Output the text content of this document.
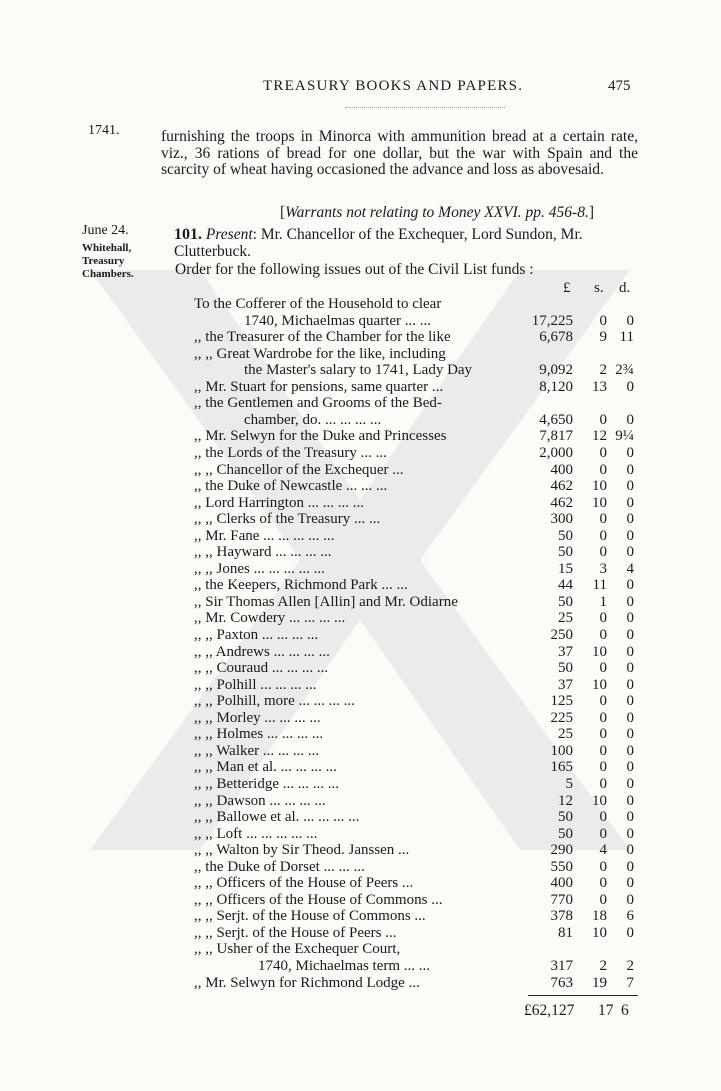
TREASURY BOOKS AND PAPERS.	475
1741.	furnishing the troops in Minorca with ammunition bread at a certain rate, viz., 36 rations of bread for one dollar, but the war with Spain and the scarcity of wheat having occasioned the advance and loss as abovesaid.
[Warrants not relating to Money XXVI. pp. 456-8.]
June 24.
Whitehall,
Treasury
Chambers.
101. Present: Mr. Chancellor of the Exchequer, Lord Sundon, Mr. Clutterbuck.
Order for the following issues out of the Civil List funds :
£ s. d.
To the Cofferer of the Household to clear
1740, Michaelmas quarter ... ...	17,225 0 0
,, the Treasurer of the Chamber for the like	6,678 9 11
,, ,, Great Wardrobe for the like, including
the Master's salary to 1741, Lady Day	9,092 2 2¾
,, Mr. Stuart for pensions, same quarter ...	8,120 13 0
,, the Gentlemen and Grooms of the Bed-
chamber, do. ... ... ... ...	4,650 0 0
,, Mr. Selwyn for the Duke and Princesses	7,817 12 9¼
,, the Lords of the Treasury ... ...	2,000 0 0
,, ,, Chancellor of the Exchequer ...	400 0 0
,, the Duke of Newcastle ... ... ...	462 10 0
,, Lord Harrington ... ... ... ...	462 10 0
,, ,, Clerks of the Treasury ... ...	300 0 0
,, Mr. Fane ... ... ... ... ...	50 0 0
,, ,, Hayward ... ... ... ...	50 0 0
,, ,, Jones ... ... ... ... ...	15 3 4
,, the Keepers, Richmond Park ... ...	44 11 0
,, Sir Thomas Allen [Allin] and Mr. Odiarne	50 1 0
,, Mr. Cowdery ... ... ... ...	25 0 0
,, ,, Paxton ... ... ... ...	250 0 0
,, ,, Andrews ... ... ... ...	37 10 0
,, ,, Couraud ... ... ... ...	50 0 0
,, ,, Polhill ... ... ... ...	37 10 0
,, ,, Polhill, more ... ... ... ...	125 0 0
,, ,, Morley ... ... ... ...	225 0 0
,, ,, Holmes ... ... ... ...	25 0 0
,, ,, Walker ... ... ... ...	100 0 0
,, ,, Man et al. ... ... ... ...	165 0 0
,, ,, Betteridge ... ... ... ...	5 0 0
,, ,, Dawson ... ... ... ...	12 10 0
,, ,, Ballowe et al. ... ... ... ...	50 0 0
,, ,, Loft ... ... ... ... ...	50 0 0
,, ,, Walton by Sir Theod. Janssen ...	290 4 0
,, the Duke of Dorset ... ... ...	550 0 0
,, ,, Officers of the House of Peers ...	400 0 0
,, ,, Officers of the House of Commons ...	770 0 0
,, ,, Serjt. of the House of Commons ...	378 18 6
,, ,, Serjt. of the House of Peers ...	81 10 0
,, ,, Usher of the Exchequer Court,
1740, Michaelmas term ... ...	317 2 2
,, Mr. Selwyn for Richmond Lodge ...	763 19 7
£62,127 17 6
